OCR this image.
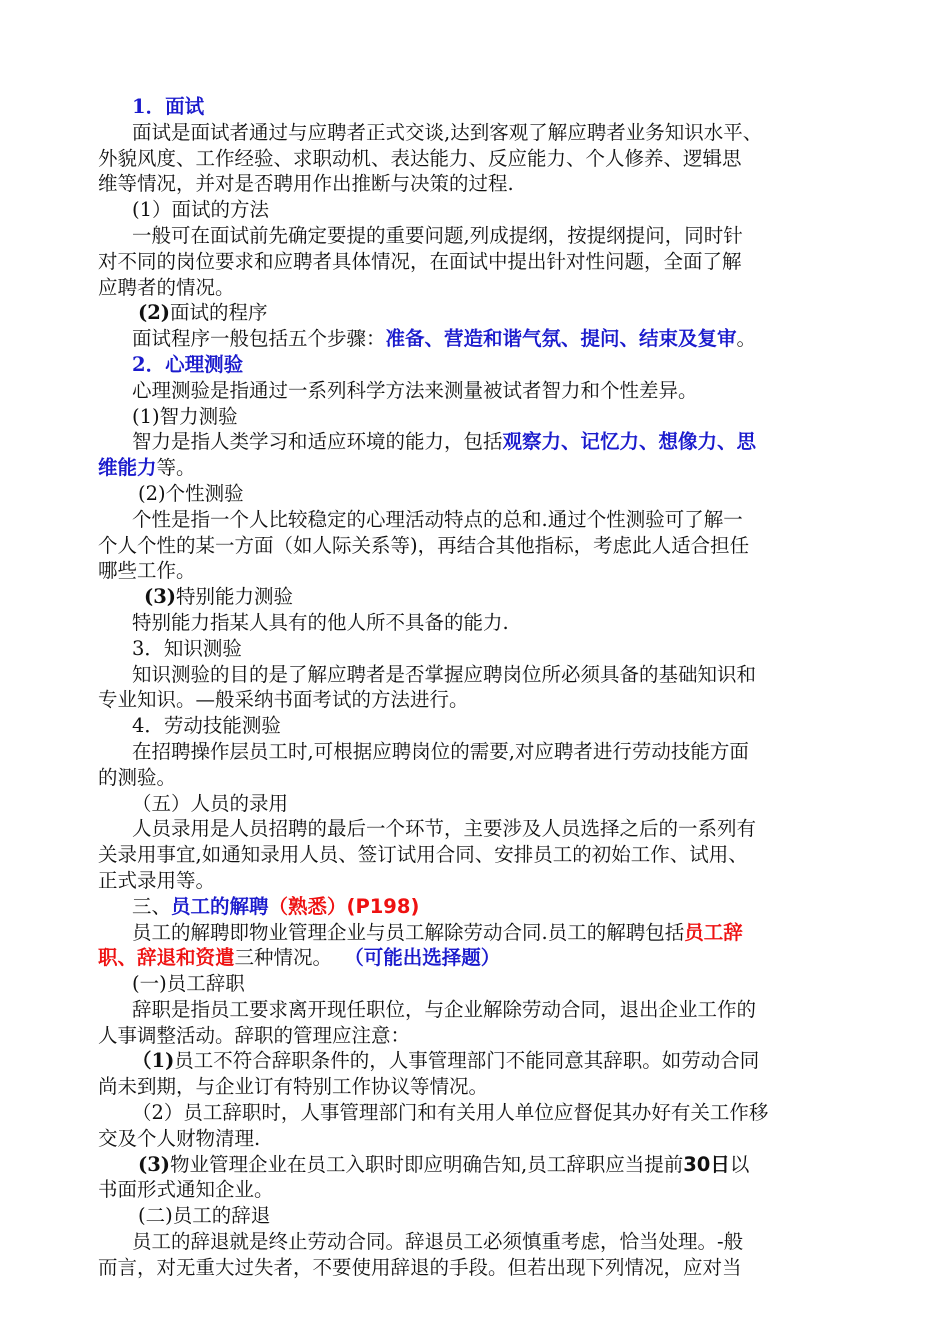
1．面试
面试是面试者通过与应聘者正式交谈,达到客观了解应聘者业务知识水平、
外貌风度、工作经验、求职动机、表达能力、反应能力、个人修养、逻辑思
维等情况，并对是否聘用作出推断与决策的过程.
(1）面试的方法
一般可在面试前先确定要提的重要问题,列成提纲，按提纲提问，同时针
对不同的岗位要求和应聘者具体情况，在面试中提出针对性问题，全面了解
应聘者的情况。
(2)面试的程序
面试程序一般包括五个步骤：准备、营造和谐气氛、提问、结束及复审。
2．心理测验
心理测验是指通过一系列科学方法来测量被试者智力和个性差异。
(1)智力测验
智力是指人类学习和适应环境的能力，包括观察力、记忆力、想像力、思
维能力等。
(2)个性测验
个性是指一个人比较稳定的心理活动特点的总和.通过个性测验可了解一
个人个性的某一方面（如人际关系等)，再结合其他指标，考虑此人适合担任
哪些工作。
(3)特别能力测验
特别能力指某人具有的他人所不具备的能力.
3．知识测验
知识测验的目的是了解应聘者是否掌握应聘岗位所必须具备的基础知识和
专业知识。—般采纳书面考试的方法进行。
4．劳动技能测验
在招聘操作层员工时,可根据应聘岗位的需要,对应聘者进行劳动技能方面
的测验。
（五）人员的录用
人员录用是人员招聘的最后一个环节，主要涉及人员选择之后的一系列有
关录用事宜,如通知录用人员、签订试用合同、安排员工的初始工作、试用、
正式录用等。
三、员工的解聘（熟悉）(P198)
员工的解聘即物业管理企业与员工解除劳动合同.员工的解聘包括员工辞
职、辞退和资遣三种情况。 （可能出选择题）
(一)员工辞职
辞职是指员工要求离开现任职位，与企业解除劳动合同，退出企业工作的
人事调整活动。辞职的管理应注意：
（1)员工不符合辞职条件的，人事管理部门不能同意其辞职。如劳动合同
尚未到期，与企业订有特别工作协议等情况。
（2）员工辞职时，人事管理部门和有关用人单位应督促其办好有关工作移
交及个人财物清理.
(3)物业管理企业在员工入职时即应明确告知,员工辞职应当提前30日以
书面形式通知企业。
(二)员工的辞退
员工的辞退就是终止劳动合同。辞退员工必须慎重考虑，恰当处理。-般
而言，对无重大过失者，不要使用辞退的手段。但若出现下列情况，应对当
